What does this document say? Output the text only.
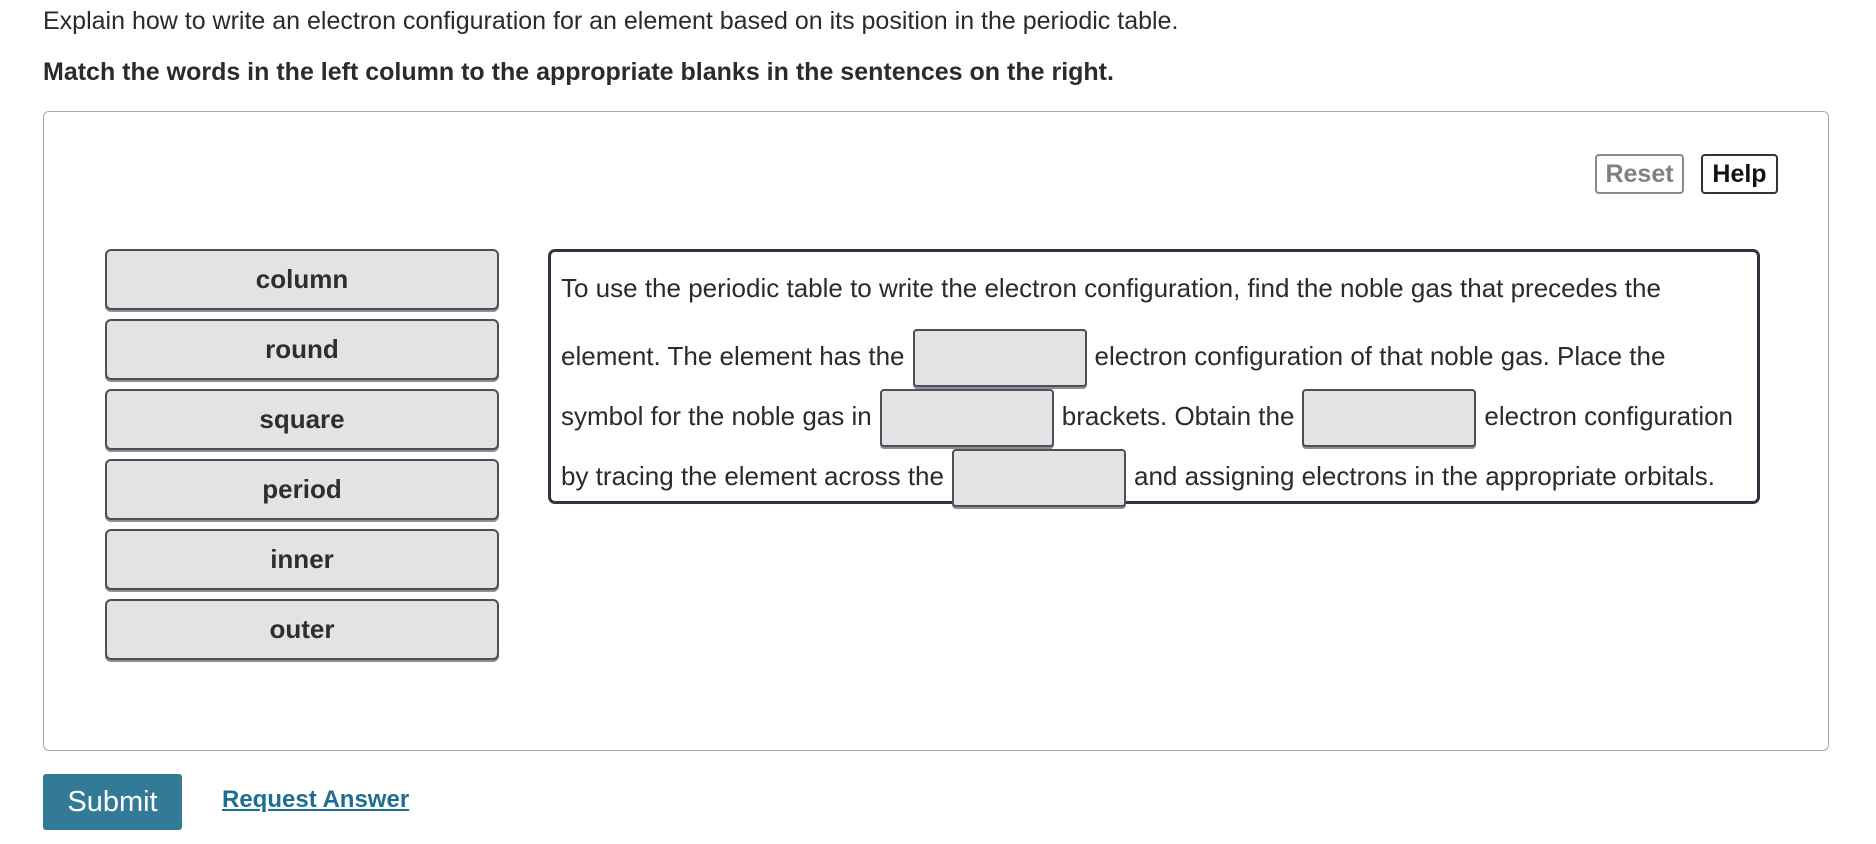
Explain how to write an electron configuration for an element based on its position in the periodic table.
Match the words in the left column to the appropriate blanks in the sentences on the right.
Reset	Help
column
round
square
period
inner
outer
To use the periodic table to write the electron configuration, find the noble gas that precedes the
element. The element has the	electron configuration of that noble gas. Place the
symbol for the noble gas in	brackets. Obtain the	electron configuration
by tracing the element across the	and assigning electrons in the appropriate orbitals.
Submit	Request Answer
